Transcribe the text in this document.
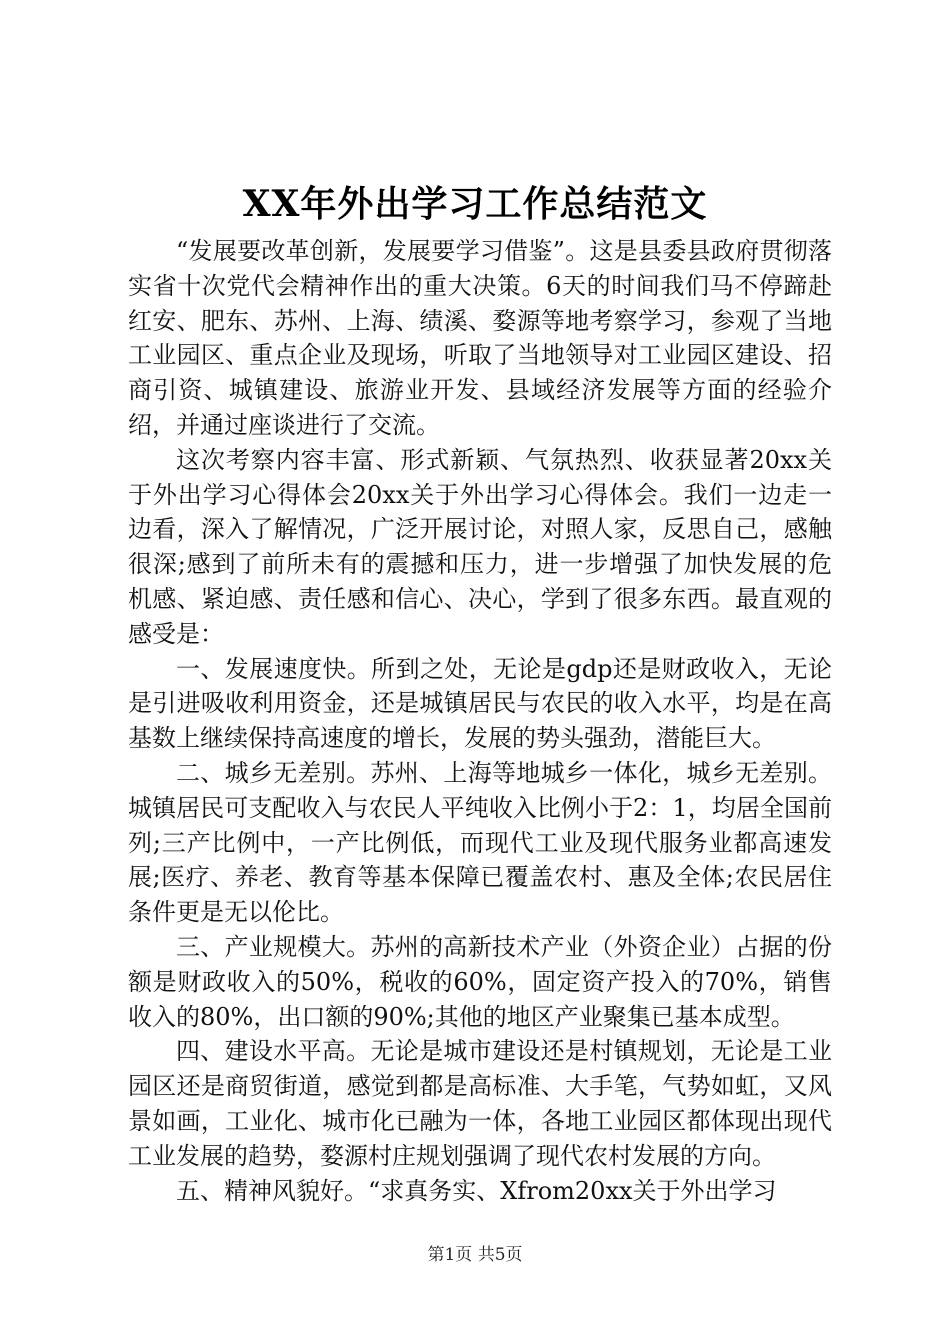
XX年外出学习工作总结范文

“发展要改革创新，发展要学习借鉴”。这是县委县政府贯彻落实省十次党代会精神作出的重大决策。6天的时间我们马不停蹄赴红安、肥东、苏州、上海、绩溪、婺源等地考察学习，参观了当地工业园区、重点企业及现场，听取了当地领导对工业园区建设、招商引资、城镇建设、旅游业开发、县域经济发展等方面的经验介绍，并通过座谈进行了交流。

这次考察内容丰富、形式新颖、气氛热烈、收获显著20xx关于外出学习心得体会20xx关于外出学习心得体会。我们一边走一边看，深入了解情况，广泛开展讨论，对照人家，反思自己，感触很深;感到了前所未有的震撼和压力，进一步增强了加快发展的危机感、紧迫感、责任感和信心、决心，学到了很多东西。最直观的感受是：

一、发展速度快。所到之处，无论是gdp还是财政收入，无论是引进吸收利用资金，还是城镇居民与农民的收入水平，均是在高基数上继续保持高速度的增长，发展的势头强劲，潜能巨大。

二、城乡无差别。苏州、上海等地城乡一体化，城乡无差别。城镇居民可支配收入与农民人平纯收入比例小于2：1，均居全国前列;三产比例中，一产比例低，而现代工业及现代服务业都高速发展;医疗、养老、教育等基本保障已覆盖农村、惠及全体;农民居住条件更是无以伦比。

三、产业规模大。苏州的高新技术产业（外资企业）占据的份额是财政收入的50%，税收的60%，固定资产投入的70%，销售收入的80%，出口额的90%;其他的地区产业聚集已基本成型。

四、建设水平高。无论是城市建设还是村镇规划，无论是工业园区还是商贸街道，感觉到都是高标准、大手笔，气势如虹，又风景如画，工业化、城市化已融为一体，各地工业园区都体现出现代工业发展的趋势，婺源村庄规划强调了现代农村发展的方向。

五、精神风貌好。“求真务实、Xfrom20xx关于外出学习

第1页 共5页
